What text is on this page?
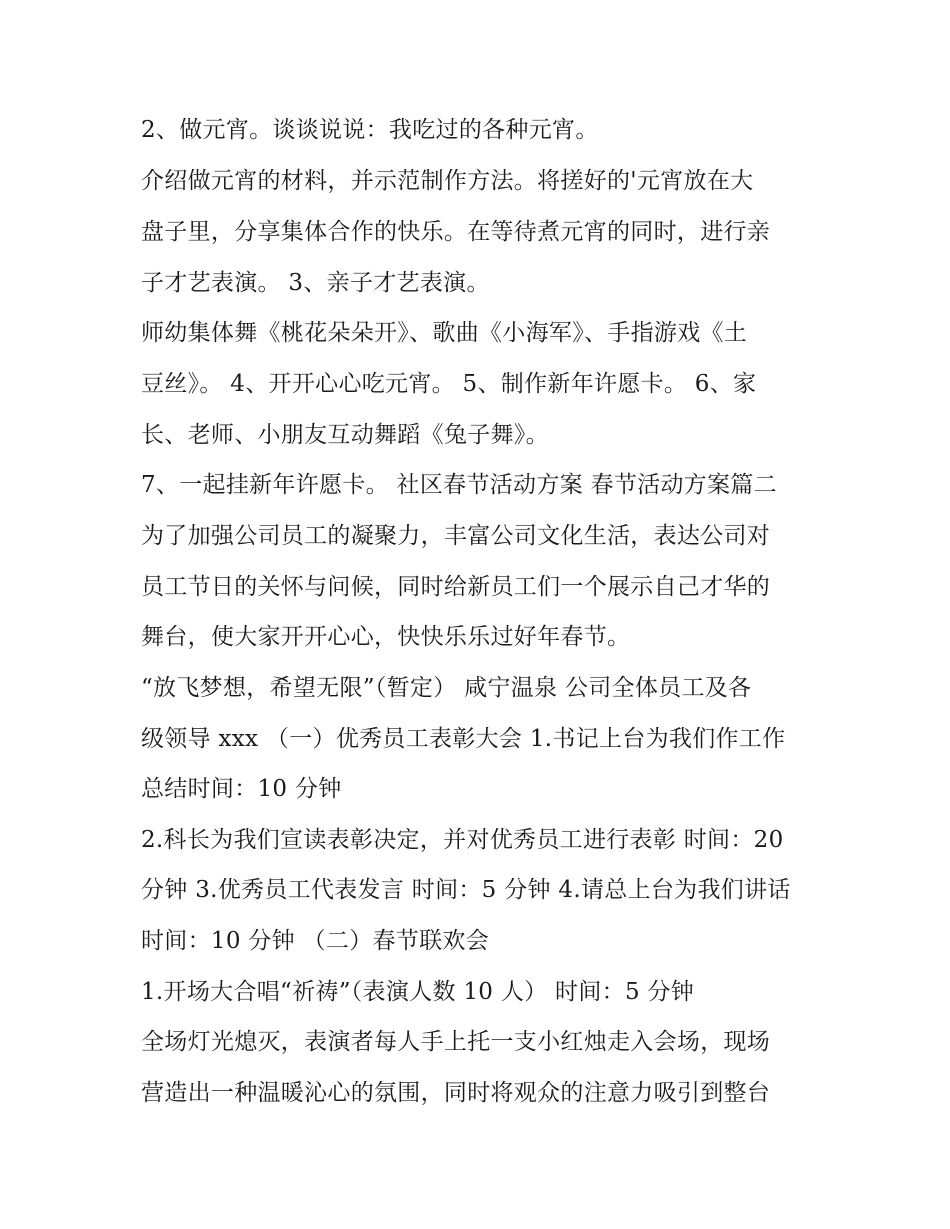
2、做元宵。谈谈说说：我吃过的各种元宵。
介绍做元宵的材料，并示范制作方法。将搓好的'元宵放在大
盘子里，分享集体合作的快乐。在等待煮元宵的同时，进行亲
子才艺表演。 3、亲子才艺表演。
师幼集体舞《桃花朵朵开》、歌曲《小海军》、手指游戏《土
豆丝》。 4、开开心心吃元宵。 5、制作新年许愿卡。 6、家
长、老师、小朋友互动舞蹈《兔子舞》。
7、一起挂新年许愿卡。 社区春节活动方案 春节活动方案篇二
为了加强公司员工的凝聚力，丰富公司文化生活，表达公司对
员工节日的关怀与问候，同时给新员工们一个展示自己才华的
舞台，使大家开开心心，快快乐乐过好年春节。
“放飞梦想，希望无限”（暂定） 咸宁温泉 公司全体员工及各
级领导 xxx （一）优秀员工表彰大会 1.书记上台为我们作工作
总结时间：10 分钟
2.科长为我们宣读表彰决定，并对优秀员工进行表彰 时间：20
分钟 3.优秀员工代表发言 时间：5 分钟 4.请总上台为我们讲话
时间：10 分钟 （二）春节联欢会
1.开场大合唱“祈祷”（表演人数 10 人） 时间：5 分钟
全场灯光熄灭，表演者每人手上托一支小红烛走入会场，现场
营造出一种温暖沁心的氛围，同时将观众的注意力吸引到整台
